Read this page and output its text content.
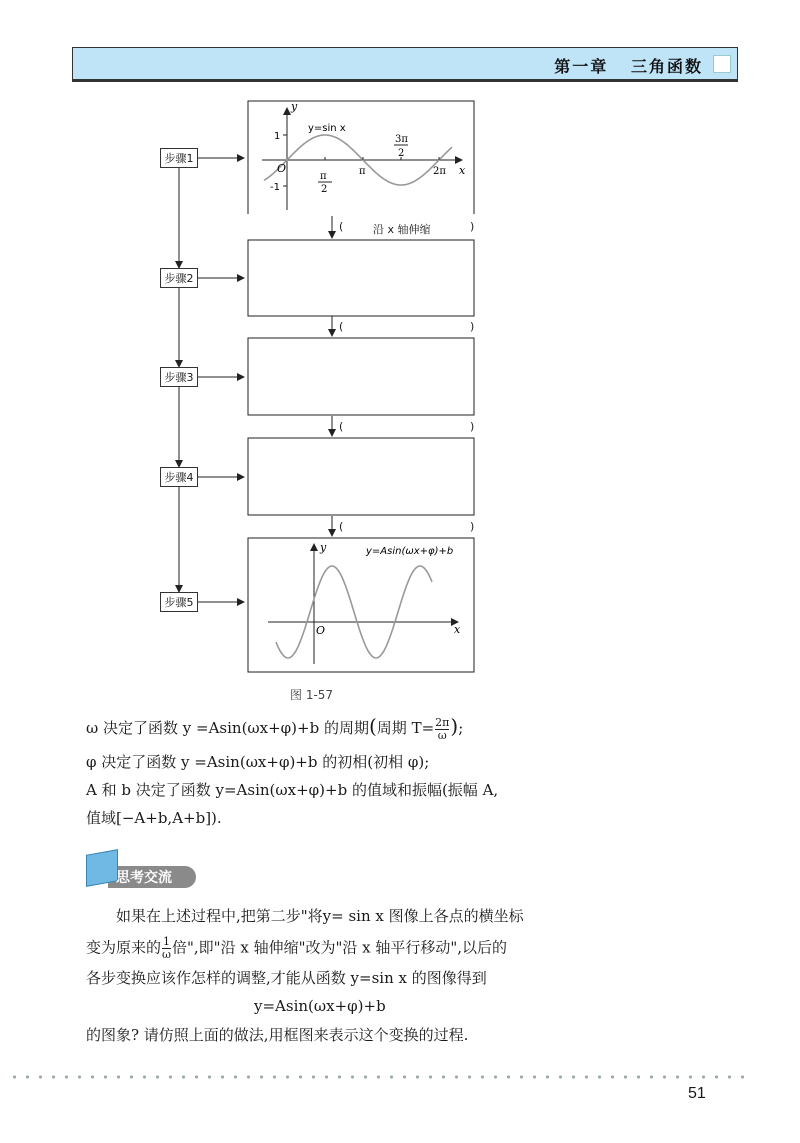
第一章   三角函数
y
x
y=sin x
1
-1
O
π
2
π
3π
2
2π
y
x
O
y=Asin(ωx+φ)+b
步骤1
步骤2
步骤3
步骤4
步骤5
(	沿 x 轴伸缩	)
(	)
(	)
(	)
图 1-57
ω 决定了函数 y =Asin(ωx+φ)+b 的周期(周期 $T= \frac{2\pi}{\omega}$ );
φ 决定了函数 y =Asin(ωx+φ)+b 的初相(初相 φ);
A 和 b 决定了函数 y=Asin(ωx+φ)+b 的值域和振幅(振幅 A,
值域[−A+b,A+b]).
思考交流
如果在上述过程中,把第二步"将y= sin x 图像上各点的横坐标
变为原来的 $\frac{1}{\omega}$ 倍",即"沿 x 轴伸缩"改为"沿 x 轴平行移动",以后的
各步变换应该作怎样的调整,才能从函数 y=sin x 的图像得到
y=Asin(ωx+φ)+b
的图象? 请仿照上面的做法,用框图来表示这个变换的过程.
51
